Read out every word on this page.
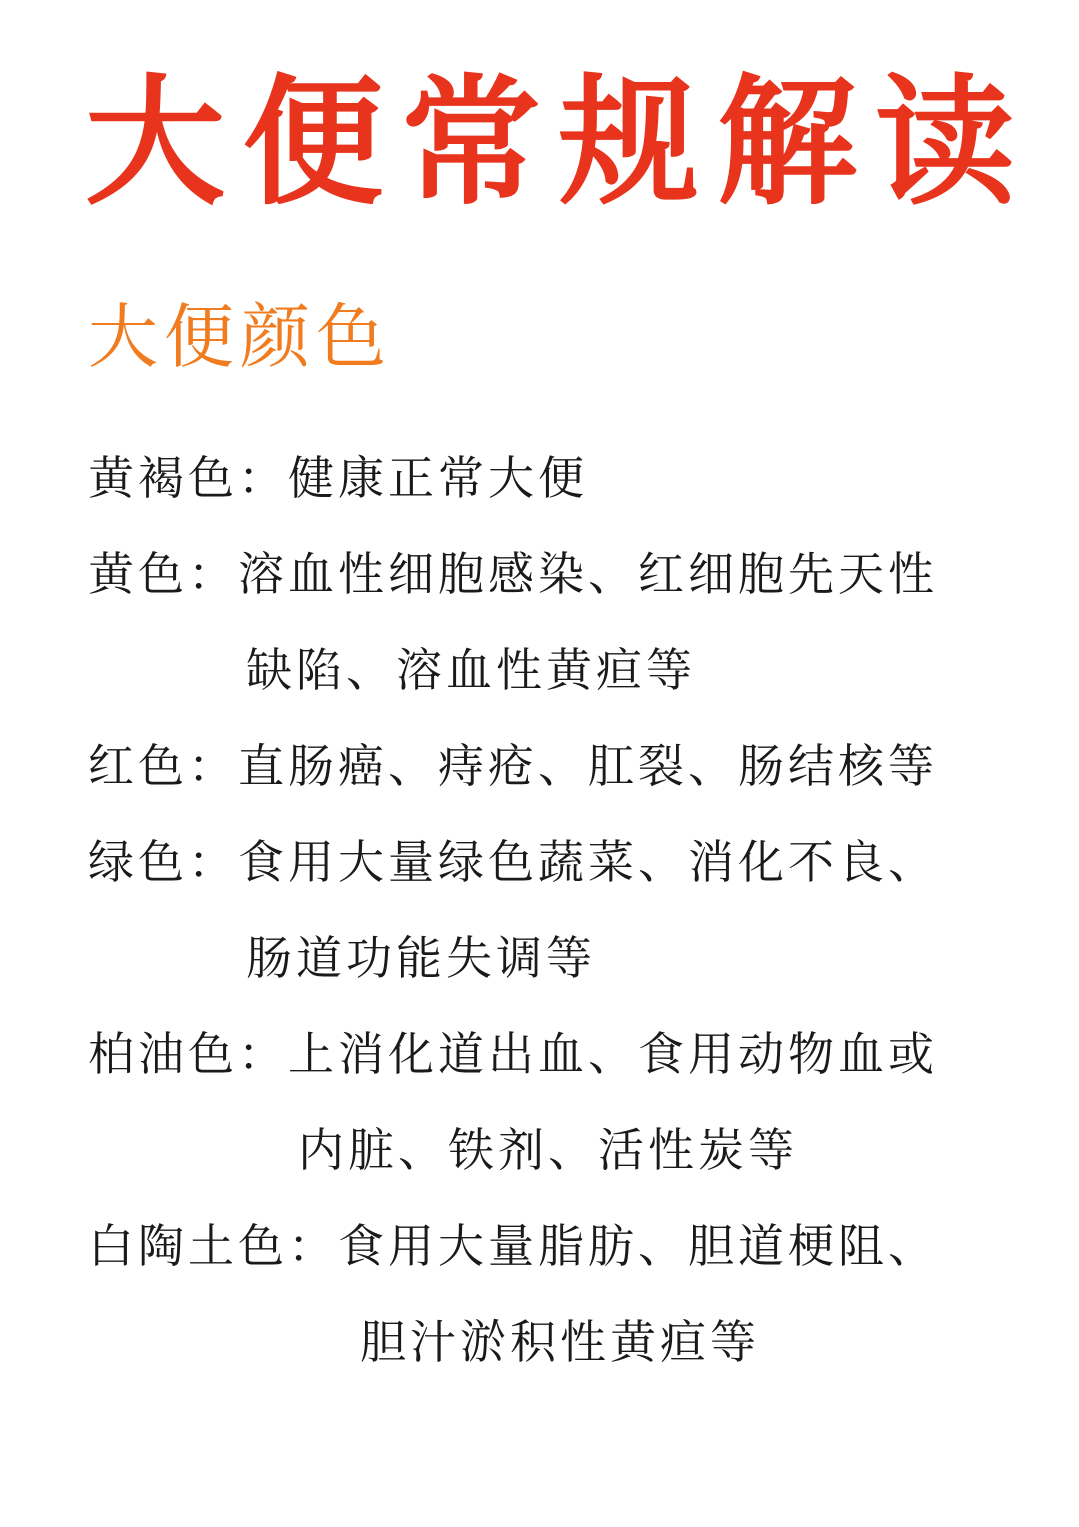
大便常规解读
大便颜色
黄褐色：健康正常大便
黄色：溶血性细胞感染、红细胞先天性
缺陷、溶血性黄疸等
红色：直肠癌、痔疮、肛裂、肠结核等
绿色：食用大量绿色蔬菜、消化不良、
肠道功能失调等
柏油色：上消化道出血、食用动物血或
内脏、铁剂、活性炭等
白陶土色：食用大量脂肪、胆道梗阻、
胆汁淤积性黄疸等
